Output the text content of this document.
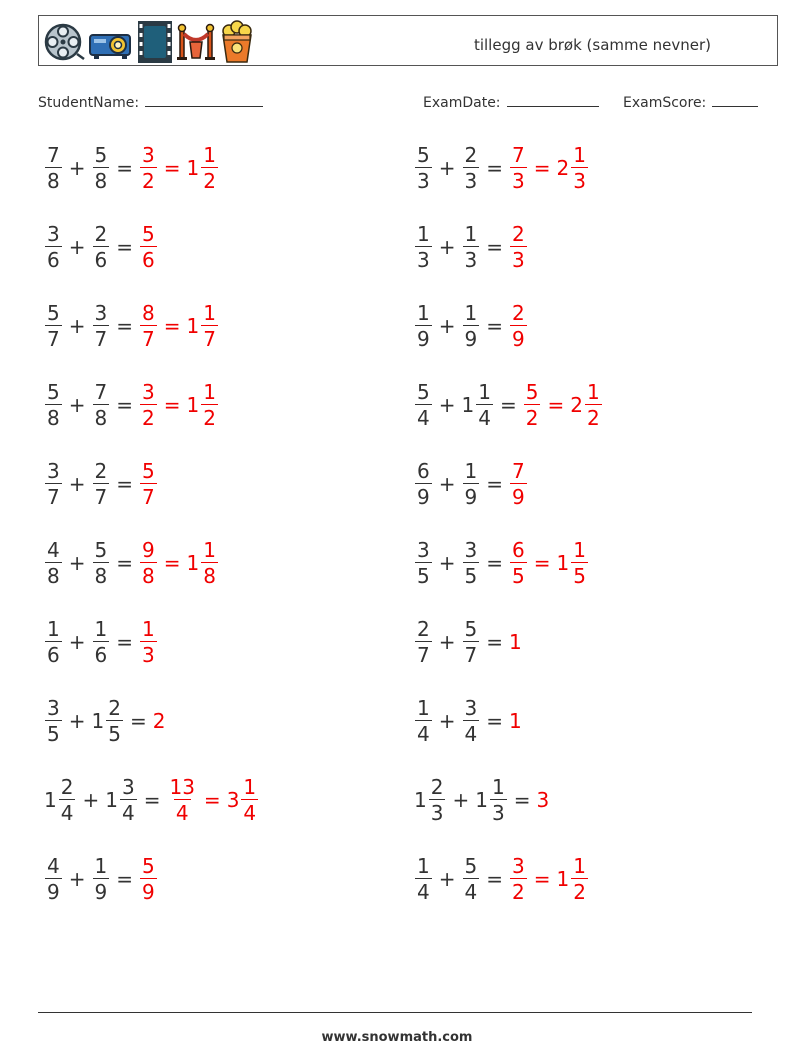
tillegg av brøk (samme nevner)
StudentName:	ExamDate:	ExamScore:
$\frac{7}{8} + \frac{5}{8} = \frac{3}{2} = 1 \frac{1}{2}$
$\frac{3}{6} + \frac{2}{6} = \frac{5}{6}$
$\frac{5}{7} + \frac{3}{7} = \frac{8}{7} = 1 \frac{1}{7}$
$\frac{5}{8} + \frac{7}{8} = \frac{3}{2} = 1 \frac{1}{2}$
$\frac{3}{7} + \frac{2}{7} = \frac{5}{7}$
$\frac{4}{8} + \frac{5}{8} = \frac{9}{8} = 1 \frac{1}{8}$
$\frac{1}{6} + \frac{1}{6} = \frac{1}{3}$
$\frac{3}{5} + 1 \frac{2}{5} = 2$
$1 \frac{2}{4} + 1 \frac{3}{4} = \frac{13}{4} = 3 \frac{1}{4}$
$\frac{4}{9} + \frac{1}{9} = \frac{5}{9}$
$\frac{5}{3} + \frac{2}{3} = \frac{7}{3} = 2 \frac{1}{3}$
$\frac{1}{3} + \frac{1}{3} = \frac{2}{3}$
$\frac{1}{9} + \frac{1}{9} = \frac{2}{9}$
$\frac{5}{4} + 1 \frac{1}{4} = \frac{5}{2} = 2 \frac{1}{2}$
$\frac{6}{9} + \frac{1}{9} = \frac{7}{9}$
$\frac{3}{5} + \frac{3}{5} = \frac{6}{5} = 1 \frac{1}{5}$
$\frac{2}{7} + \frac{5}{7} = 1$
$\frac{1}{4} + \frac{3}{4} = 1$
$1 \frac{2}{3} + 1 \frac{1}{3} = 3$
$\frac{1}{4} + \frac{5}{4} = \frac{3}{2} = 1 \frac{1}{2}$
www.snowmath.com
